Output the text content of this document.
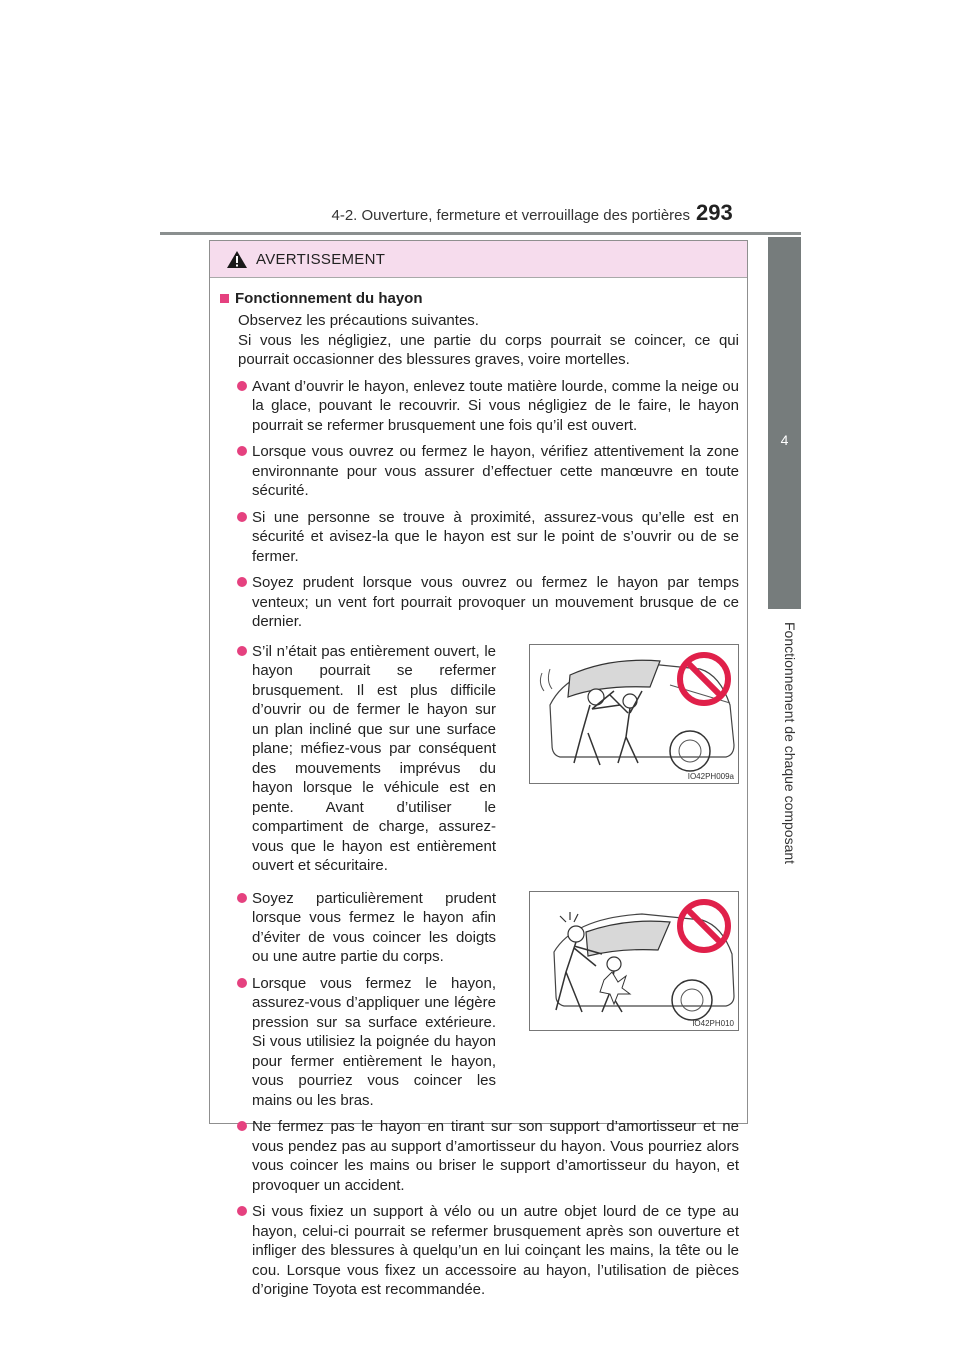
4-2. Ouverture, fermeture et verrouillage des portières 293
4
Fonctionnement de chaque composant
AVERTISSEMENT
Fonctionnement du hayon
Observez les précautions suivantes.
Si vous les négligiez, une partie du corps pourrait se coincer, ce qui pourrait occasionner des blessures graves, voire mortelles.
Avant d’ouvrir le hayon, enlevez toute matière lourde, comme la neige ou la glace, pouvant le recouvrir. Si vous négligiez de le faire, le hayon pourrait se refermer brusquement une fois qu’il est ouvert.
Lorsque vous ouvrez ou fermez le hayon, vérifiez attentivement la zone environnante pour vous assurer d’effectuer cette manœuvre en toute sécurité.
Si une personne se trouve à proximité, assurez-vous qu’elle est en sécurité et avisez-la que le hayon est sur le point de s’ouvrir ou de se fermer.
Soyez prudent lorsque vous ouvrez ou fermez le hayon par temps venteux; un vent fort pourrait provoquer un mouvement brusque de ce dernier.
S’il n’était pas entièrement ouvert, le hayon pourrait se refermer brusquement. Il est plus difficile d’ouvrir ou de fermer le hayon sur un plan incliné que sur une surface plane; méfiez-vous par conséquent des mouvements imprévus du hayon lorsque le véhicule est en pente. Avant d’utiliser le compartiment de charge, assurez-vous que le hayon est entièrement ouvert et sécuritaire.
IO42PH009a
Soyez particulièrement prudent lorsque vous fermez le hayon afin d’éviter de vous coincer les doigts ou une autre partie du corps.
Lorsque vous fermez le hayon, assurez-vous d’appliquer une légère pression sur sa surface extérieure. Si vous utilisiez la poignée du hayon pour fermer entièrement le hayon, vous pourriez vous coincer les mains ou les bras.
IO42PH010
Ne fermez pas le hayon en tirant sur son support d’amortisseur et ne vous pendez pas au support d’amortisseur du hayon. Vous pourriez alors vous coincer les mains ou briser le support d’amortisseur du hayon, et provoquer un accident.
Si vous fixiez un support à vélo ou un autre objet lourd de ce type au hayon, celui-ci pourrait se refermer brusquement après son ouverture et infliger des blessures à quelqu’un en lui coinçant les mains, la tête ou le cou. Lorsque vous fixez un accessoire au hayon, l’utilisation de pièces d’origine Toyota est recommandée.
